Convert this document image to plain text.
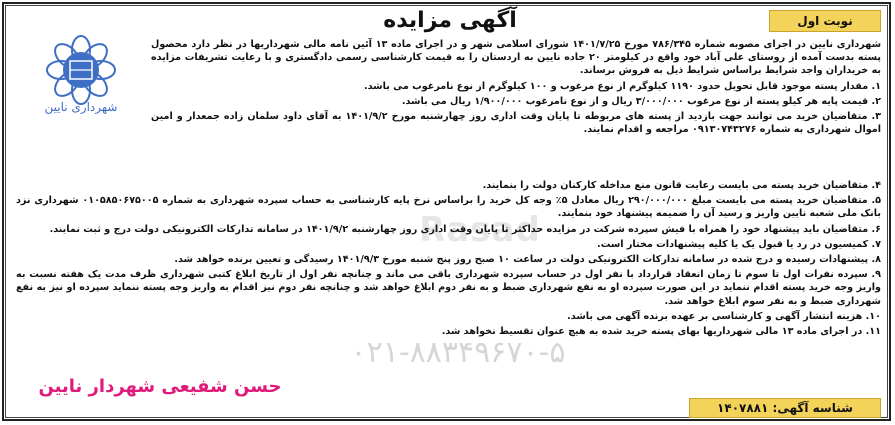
Rasad
۰۲۱-۸۸۳۴۹۶۷۰-۵
نوبت اول
آگهی مزایده
شهرداری نایین

شهرداری نایین در اجرای مصوبه شماره ۷۸۶/۳۴۵ مورخ ۱۴۰۱/۷/۲۵ شورای اسلامی شهر و در اجرای ماده ۱۳ آئین نامه مالی شهرداریها در نظر دارد محصول پسته بدست آمده از روستای علی آباد خود واقع در کیلومتر ۲۰ جاده نایین به اردستان را به قیمت کارشناسی رسمی دادگستری و با رعایت تشریفات مزایده به خریداران واجد شرایط براساس شرایط ذیل به فروش برساند.

۱. مقدار پسته موجود قابل تحویل حدود ۱۱۹۰ کیلوگرم از نوع مرغوب و ۱۰۰ کیلوگرم از نوع نامرغوب می باشد.

۲. قیمت پایه هر کیلو پسته از نوع مرغوب ۳/۰۰۰/۰۰۰ ریال و از نوع نامرغوب ۱/۹۰۰/۰۰۰ ریال می باشد.

۳. متقاضیان خرید می توانند جهت بازدید از پسته های مربوطه تا پایان وقت اداری روز چهارشنبه مورخ ۱۴۰۱/۹/۲ به آقای داود سلمان زاده جمعدار و امین اموال شهرداری به شماره ۰۹۱۳۰۷۴۳۲۷۶ مراجعه و اقدام نمایند.

۴. متقاضیان خرید پسته می بایست رعایت قانون منع مداخله کارکنان دولت را بنمایند.

۵. متقاضیان خرید پسته می بایست مبلغ ۲۹۰/۰۰۰/۰۰۰ ریال معادل ۵٪ وجه کل خرید را براساس نرخ پایه کارشناسی به حساب سپرده شهرداری به شماره ۰۱۰۵۸۵۰۶۷۵۰۰۵ شهرداری نزد بانک ملی شعبه نایین واریز و رسید آن را ضمیمه پیشنهاد خود بنمایند.

۶. متقاضیان باید پیشنهاد خود را همراه با فیش سپرده شرکت در مزایده حداکثر تا پایان وقت اداری روز چهارشنبه ۱۴۰۱/۹/۲ در سامانه تدارکات الکترونیکی دولت درج و ثبت نمایند.

۷. کمیسیون در رد یا قبول یک یا کلیه پیشنهادات مختار است.

۸. پیشنهادات رسیده و درج شده در سامانه تدارکات الکترونیکی دولت در ساعت ۱۰ صبح روز پنج شنبه مورخ ۱۴۰۱/۹/۳ رسیدگی و تعیین برنده خواهد شد.

۹. سپرده نفرات اول تا سوم تا زمان انعقاد قرارداد با نفر اول در حساب سپرده شهرداری باقی می ماند و چنانچه نفر اول از تاریخ ابلاغ کتبی شهرداری ظرف مدت یک هفته نسبت به واریز وجه خرید پسته اقدام ننماید در این صورت سپرده او به نفع شهرداری ضبط و به نفر دوم ابلاغ خواهد شد و چنانچه نفر دوم نیز اقدام به واریز وجه پسته ننماید سپرده او نیز به نفع شهرداری ضبط و به نفر سوم ابلاغ خواهد شد.

۱۰. هزینه انتشار آگهی و کارشناسی بر عهده برنده آگهی می باشد.

۱۱. در اجرای ماده ۱۳ مالی شهرداریها بهای پسته خرید شده به هیچ عنوان تقسیط نخواهد شد.

حسن شفیعی شهردار نایین
شناسه آگهی: ۱۴۰۷۸۸۱
